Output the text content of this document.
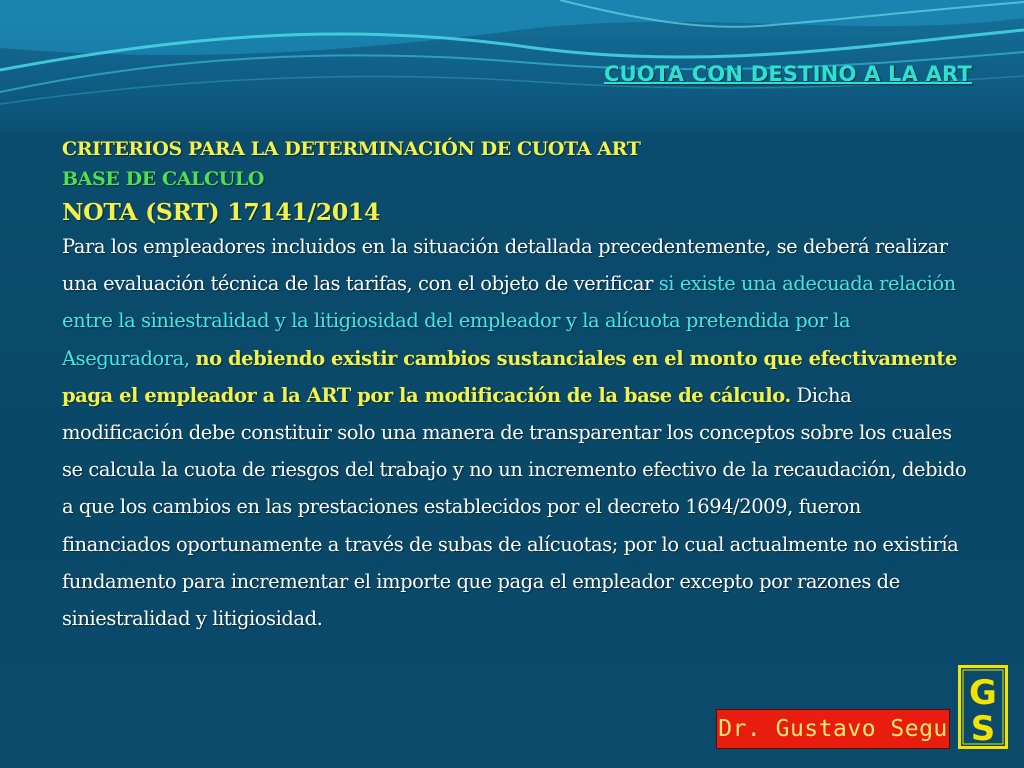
CUOTA CON DESTINO A LA ART
CRITERIOS PARA LA DETERMINACIÓN DE CUOTA ART
BASE DE CALCULO
NOTA (SRT) 17141/2014
Para los empleadores incluidos en la situación detallada precedentemente, se deberá realizar una evaluación técnica de las tarifas, con el objeto de verificar si existe una adecuada relación entre la siniestralidad y la litigiosidad del empleador y la alícuota pretendida por la Aseguradora, no debiendo existir cambios sustanciales en el monto que efectivamente paga el empleador a la ART por la modificación de la base de cálculo. Dicha modificación debe constituir solo una manera de transparentar los conceptos sobre los cuales se calcula la cuota de riesgos del trabajo y no un incremento efectivo de la recaudación, debido a que los cambios en las prestaciones establecidos por el decreto 1694/2009, fueron financiados oportunamente a través de subas de alícuotas; por lo cual actualmente no existiría fundamento para incrementar el importe que paga el empleador excepto por razones de siniestralidad y litigiosidad.
Dr. Gustavo Segu
G
S
